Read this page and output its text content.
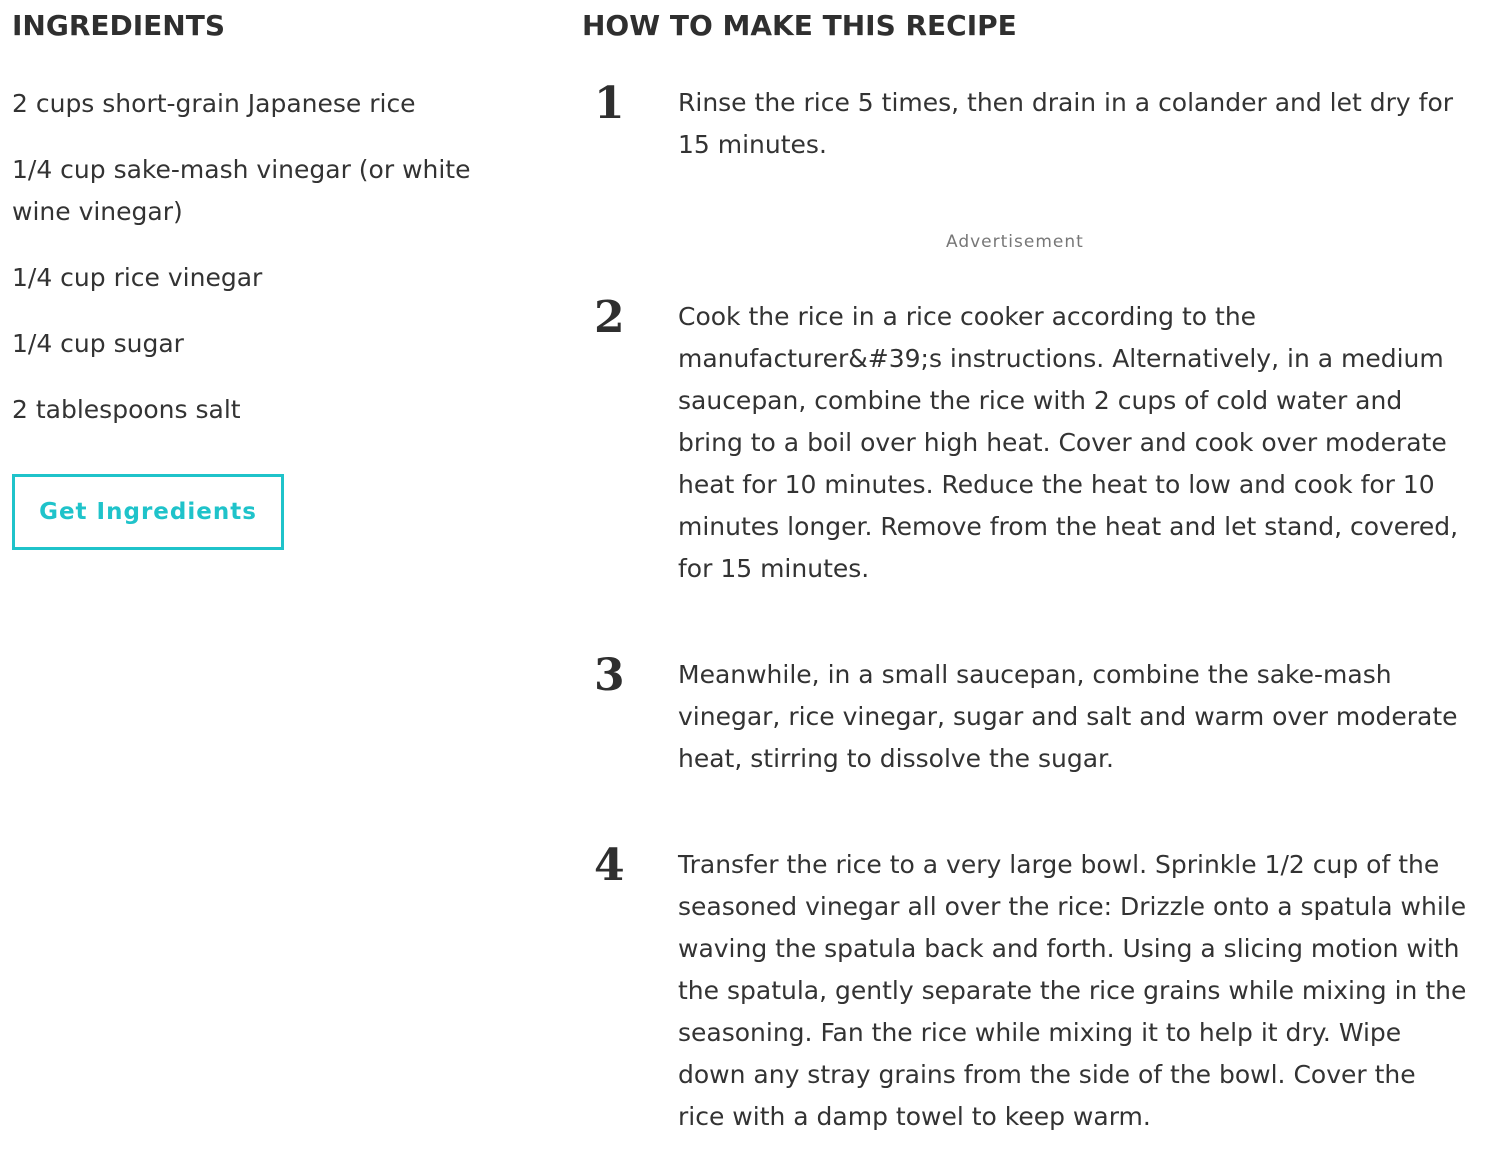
INGREDIENTS
2 cups short-grain Japanese rice
1/4 cup sake-mash vinegar (or white wine vinegar)
1/4 cup rice vinegar
1/4 cup sugar
2 tablespoons salt
Get Ingredients
HOW TO MAKE THIS RECIPE
1 Rinse the rice 5 times, then drain in a colander and let dry for 15 minutes.

Advertisement
2 Cook the rice in a rice cooker according to the manufacturer&#39;s instructions. Alternatively, in a medium saucepan, combine the rice with 2 cups of cold water and bring to a boil over high heat. Cover and cook over moderate heat for 10 minutes. Reduce the heat to low and cook for 10 minutes longer. Remove from the heat and let stand, covered, for 15 minutes.

3 Meanwhile, in a small saucepan, combine the sake-mash vinegar, rice vinegar, sugar and salt and warm over moderate heat, stirring to dissolve the sugar.

4 Transfer the rice to a very large bowl. Sprinkle 1/2 cup of the seasoned vinegar all over the rice: Drizzle onto a spatula while waving the spatula back and forth. Using a slicing motion with the spatula, gently separate the rice grains while mixing in the seasoning. Fan the rice while mixing it to help it dry. Wipe down any stray grains from the side of the bowl. Cover the rice with a damp towel to keep warm.
